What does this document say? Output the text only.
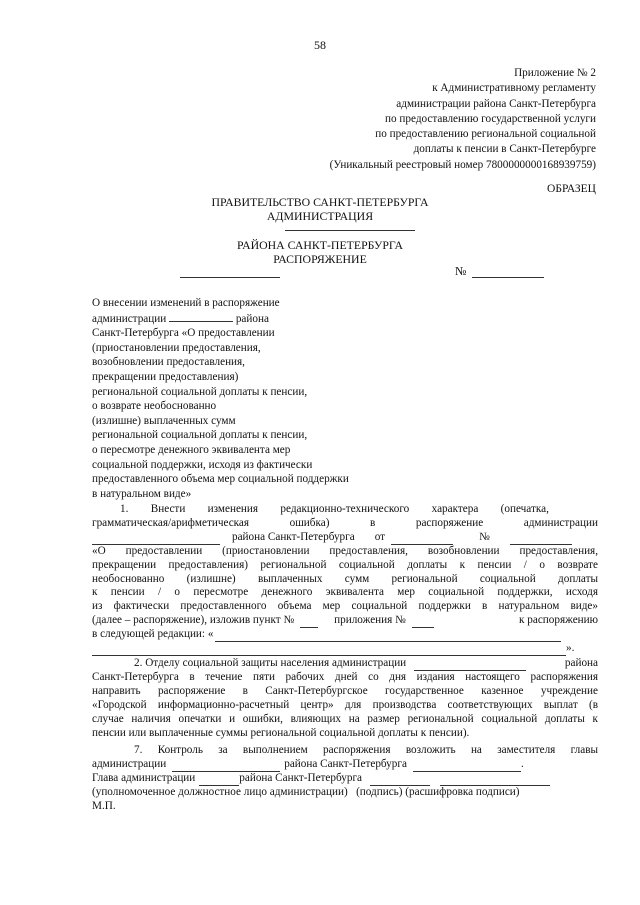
58
Приложение № 2
к Административному регламенту
администрации района Санкт-Петербурга
по предоставлению государственной услуги
по предоставлению региональной социальной
доплаты к пенсии в Санкт-Петербурге
(Уникальный реестровый номер 7800000000168939759)
ОБРАЗЕЦ
ПРАВИТЕЛЬСТВО САНКТ-ПЕТЕРБУРГА
АДМИНИСТРАЦИЯ
РАЙОНА САНКТ-ПЕТЕРБУРГА
РАСПОРЯЖЕНИЕ
№
О внесении изменений в распоряжение
администрации	района
Санкт-Петербурга «О предоставлении
(приостановлении предоставления,
возобновлении предоставления,
прекращении предоставления)
региональной социальной доплаты к пенсии,
о возврате необоснованно
(излишне) выплаченных сумм
региональной социальной доплаты к пенсии,
о пересмотре денежного эквивалента мер
социальной поддержки, исходя из фактически
предоставленного объема мер социальной поддержки
в натуральном виде»
1.        Внести        изменения        редакционно-технического        характера        (опечатка,
грамматическая/арифметическая	ошибка)	в	распоряжение	администрации
района Санкт-Петербурга от	№
«О предоставлении (приостановлении предоставления, возобновлении предоставления,
прекращении предоставления) региональной социальной доплаты к пенсии / о возврате
необоснованно (излишне) выплаченных сумм региональной социальной доплаты
к пенсии / о пересмотре денежного эквивалента мер социальной поддержки, исходя
из фактически предоставленного объема мер социальной поддержки в натуральном виде»
(далее – распоряжение), изложив пункт №	приложения №	к распоряжению
в следующей редакции: «
».
2. Отделу социальной защиты населения администрации	района
Санкт-Петербурга в течение пяти рабочих дней со дня издания настоящего распоряжения
направить распоряжение в Санкт-Петербургское государственное казенное учреждение
«Городской информационно-расчетный центр» для производства соответствующих выплат (в
случае наличия опечатки и ошибки, влияющих на размер региональной социальной доплаты к
пенсии или выплаченные суммы региональной социальной доплаты к пенсии).
7. Контроль за выполнением распоряжения возложить на заместителя главы
администрации	района Санкт-Петербурга	.
Глава администрации	района Санкт-Петербурга
(уполномоченное должностное лицо администрации)   (подпись) (расшифровка подписи)
М.П.
